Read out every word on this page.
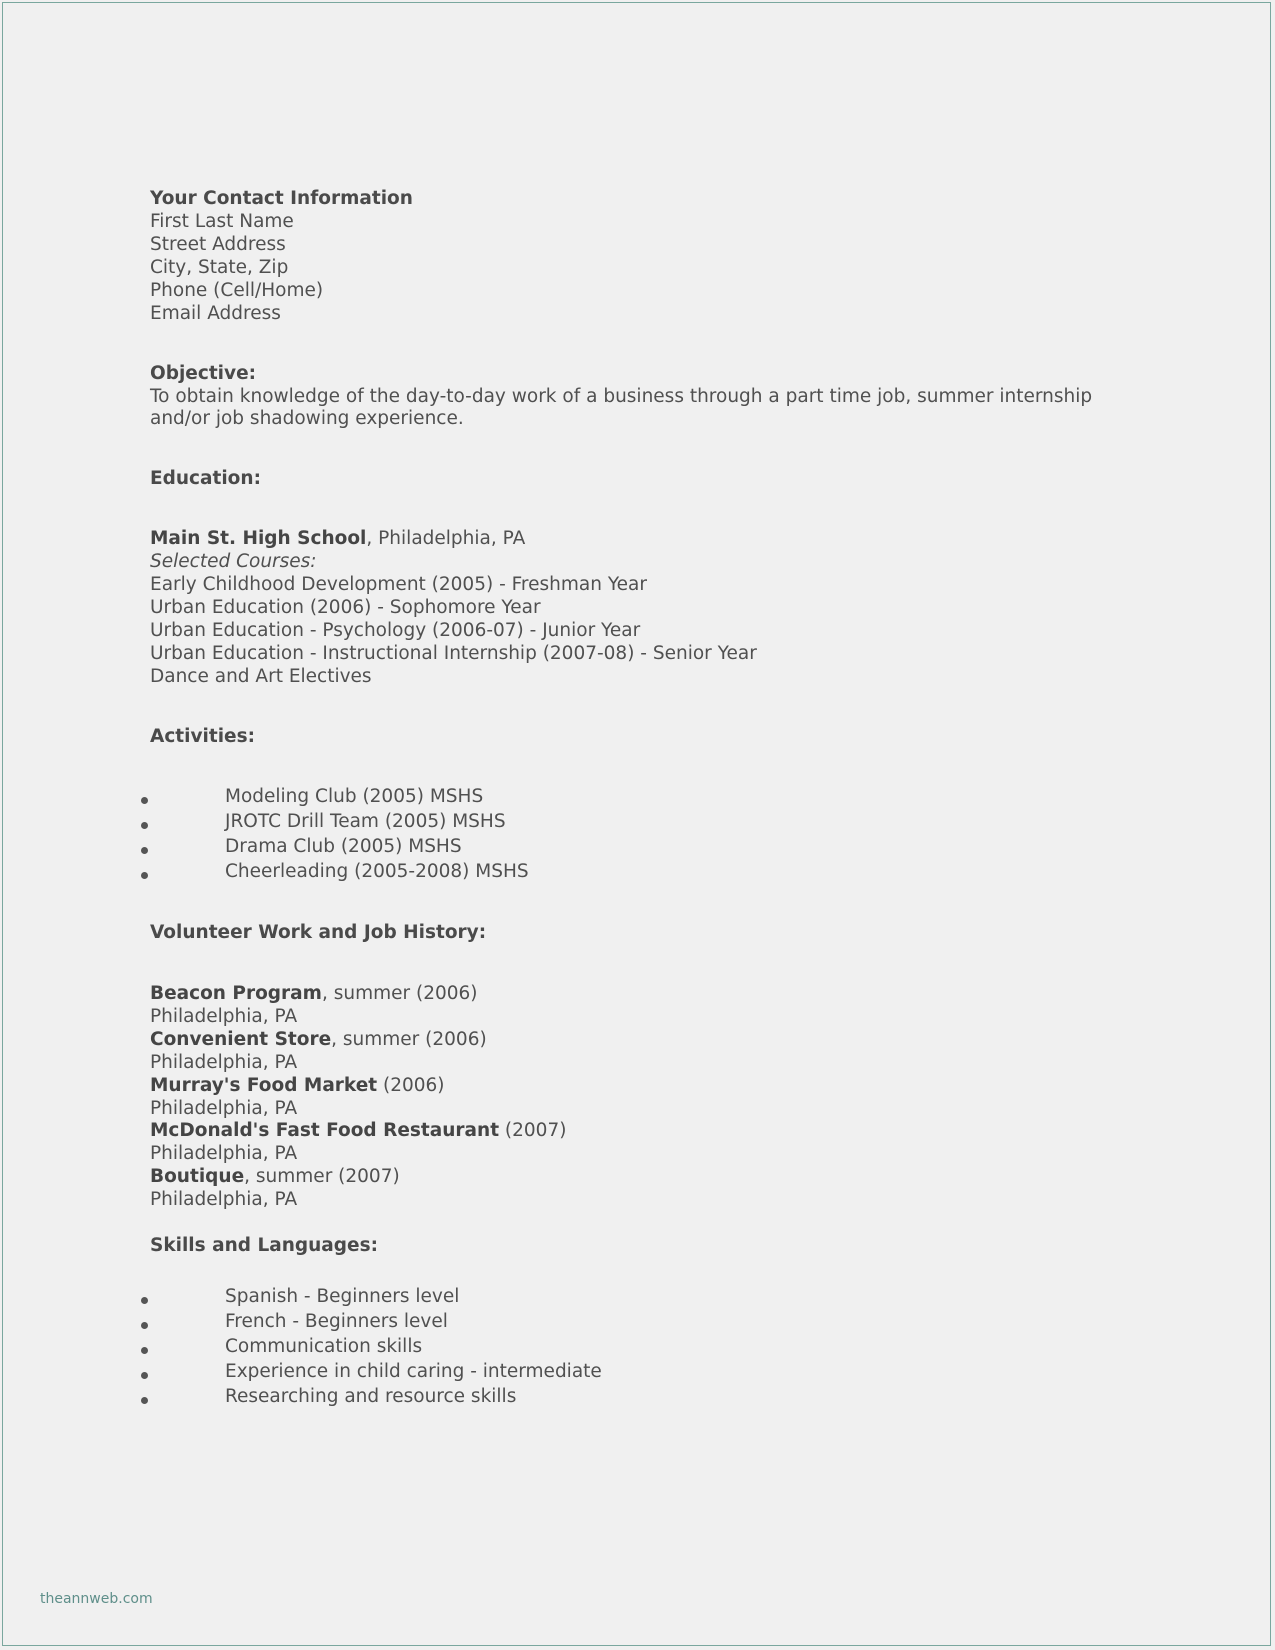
Your Contact Information
First Last Name
Street Address
City, State, Zip
Phone (Cell/Home)
Email Address
Objective:
To obtain knowledge of the day-to-day work of a business through a part time job, summer internship
and/or job shadowing experience.
Education:
Main St. High School, Philadelphia, PA
Selected Courses:
Early Childhood Development (2005) - Freshman Year
Urban Education (2006) - Sophomore Year
Urban Education - Psychology (2006-07) - Junior Year
Urban Education - Instructional Internship (2007-08) - Senior Year
Dance and Art Electives
Activities:
Modeling Club (2005) MSHS
JROTC Drill Team (2005) MSHS
Drama Club (2005) MSHS
Cheerleading (2005-2008) MSHS
Volunteer Work and Job History:
Beacon Program, summer (2006)
Philadelphia, PA
Convenient Store, summer (2006)
Philadelphia, PA
Murray's Food Market (2006)
Philadelphia, PA
McDonald's Fast Food Restaurant (2007)
Philadelphia, PA
Boutique, summer (2007)
Philadelphia, PA
Skills and Languages:
Spanish - Beginners level
French - Beginners level
Communication skills
Experience in child caring - intermediate
Researching and resource skills
theannweb.com
